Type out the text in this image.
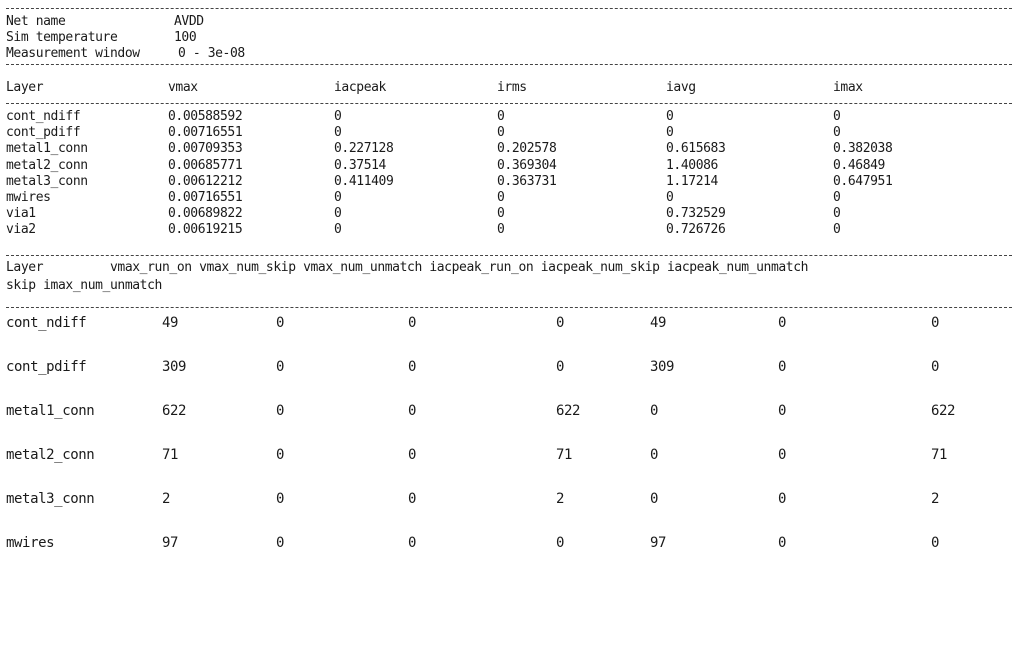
Net name	AVDD
Sim temperature	100
Measurement window	0 - 3e-08
Layer	vmax	iacpeak	irms	iavg	imax
cont_ndiff	0.00588592	0	0	0	0
cont_pdiff	0.00716551	0	0	0	0
metal1_conn	0.00709353	0.227128	0.202578	0.615683	0.382038
metal2_conn	0.00685771	0.37514	0.369304	1.40086	0.46849
metal3_conn	0.00612212	0.411409	0.363731	1.17214	0.647951
mwires	0.00716551	0	0	0	0
via1	0.00689822	0	0	0.732529	0
via2	0.00619215	0	0	0.726726	0
Layer         vmax_run_on vmax_num_skip vmax_num_unmatch iacpeak_run_on iacpeak_num_skip iacpeak_num_unmatch
skip imax_num_unmatch
cont_ndiff	49	0	0	0	49	0	0
cont_pdiff	309	0	0	0	309	0	0
metal1_conn	622	0	0	622	0	0	622
metal2_conn	71	0	0	71	0	0	71
metal3_conn	2	0	0	2	0	0	2
mwires	97	0	0	0	97	0	0
